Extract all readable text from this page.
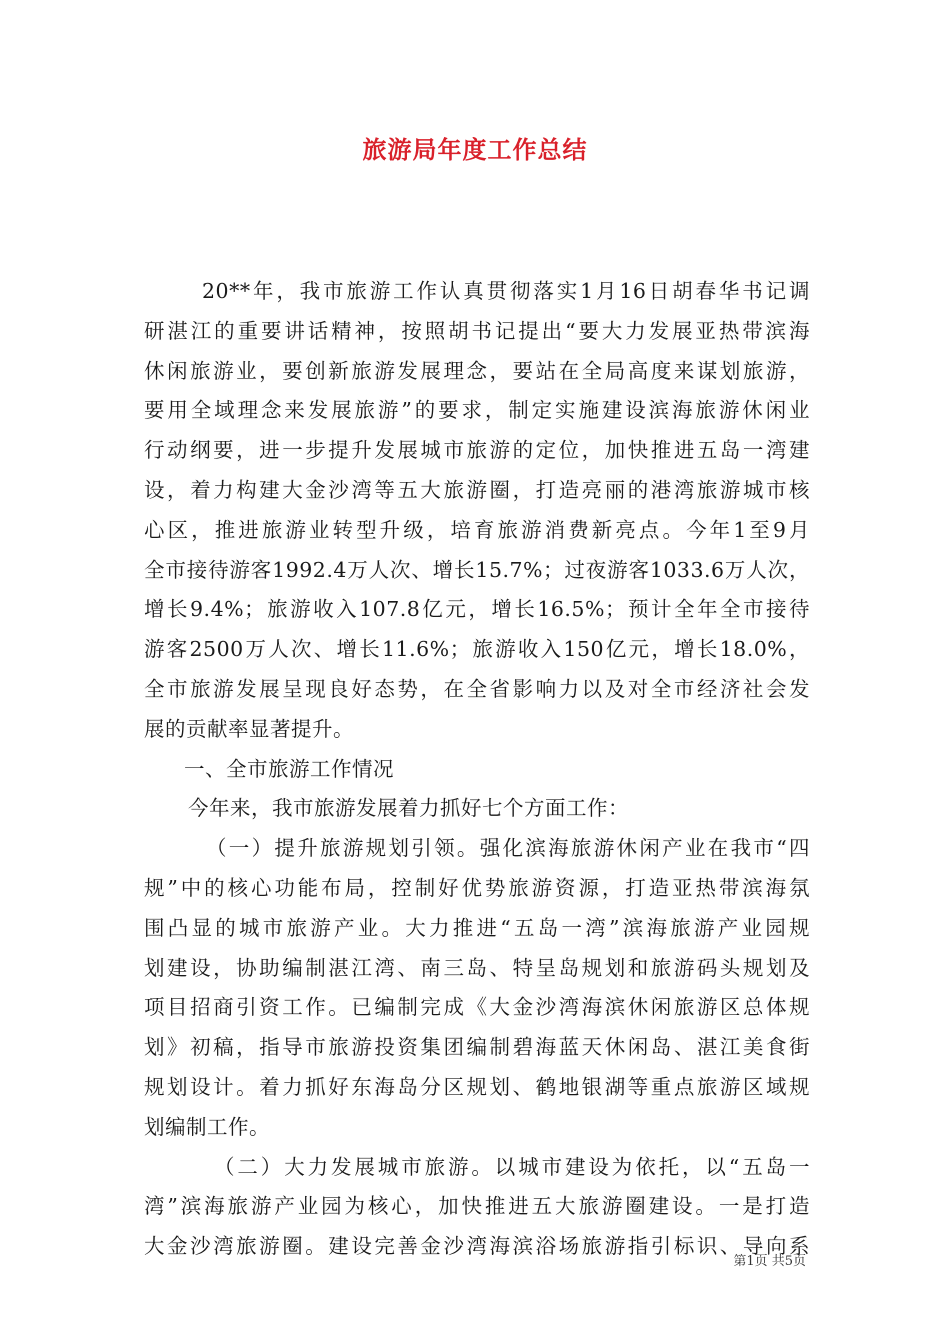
旅游局年度工作总结
20**年，我市旅游工作认真贯彻落实1月16日胡春华书记调
研湛江的重要讲话精神，按照胡书记提出“要大力发展亚热带滨海
休闲旅游业，要创新旅游发展理念，要站在全局高度来谋划旅游，
要用全域理念来发展旅游”的要求，制定实施建设滨海旅游休闲业
行动纲要，进一步提升发展城市旅游的定位，加快推进五岛一湾建
设，着力构建大金沙湾等五大旅游圈，打造亮丽的港湾旅游城市核
心区，推进旅游业转型升级，培育旅游消费新亮点。今年1至9月
全市接待游客1992.4万人次、增长15.7%；过夜游客1033.6万人次，
增长9.4%；旅游收入107.8亿元，增长16.5%；预计全年全市接待
游客2500万人次、增长11.6%；旅游收入150亿元，增长18.0%，
全市旅游发展呈现良好态势，在全省影响力以及对全市经济社会发
展的贡献率显著提升。
一、全市旅游工作情况
今年来，我市旅游发展着力抓好七个方面工作：
（一）提升旅游规划引领。强化滨海旅游休闲产业在我市“四
规”中的核心功能布局，控制好优势旅游资源，打造亚热带滨海氛
围凸显的城市旅游产业。大力推进“五岛一湾”滨海旅游产业园规
划建设，协助编制湛江湾、南三岛、特呈岛规划和旅游码头规划及
项目招商引资工作。已编制完成《大金沙湾海滨休闲旅游区总体规
划》初稿，指导市旅游投资集团编制碧海蓝天休闲岛、湛江美食街
规划设计。着力抓好东海岛分区规划、鹤地银湖等重点旅游区域规
划编制工作。
（二）大力发展城市旅游。以城市建设为依托，以“五岛一
湾”滨海旅游产业园为核心，加快推进五大旅游圈建设。一是打造
大金沙湾旅游圈。建设完善金沙湾海滨浴场旅游指引标识、导向系
第1页 共5页
